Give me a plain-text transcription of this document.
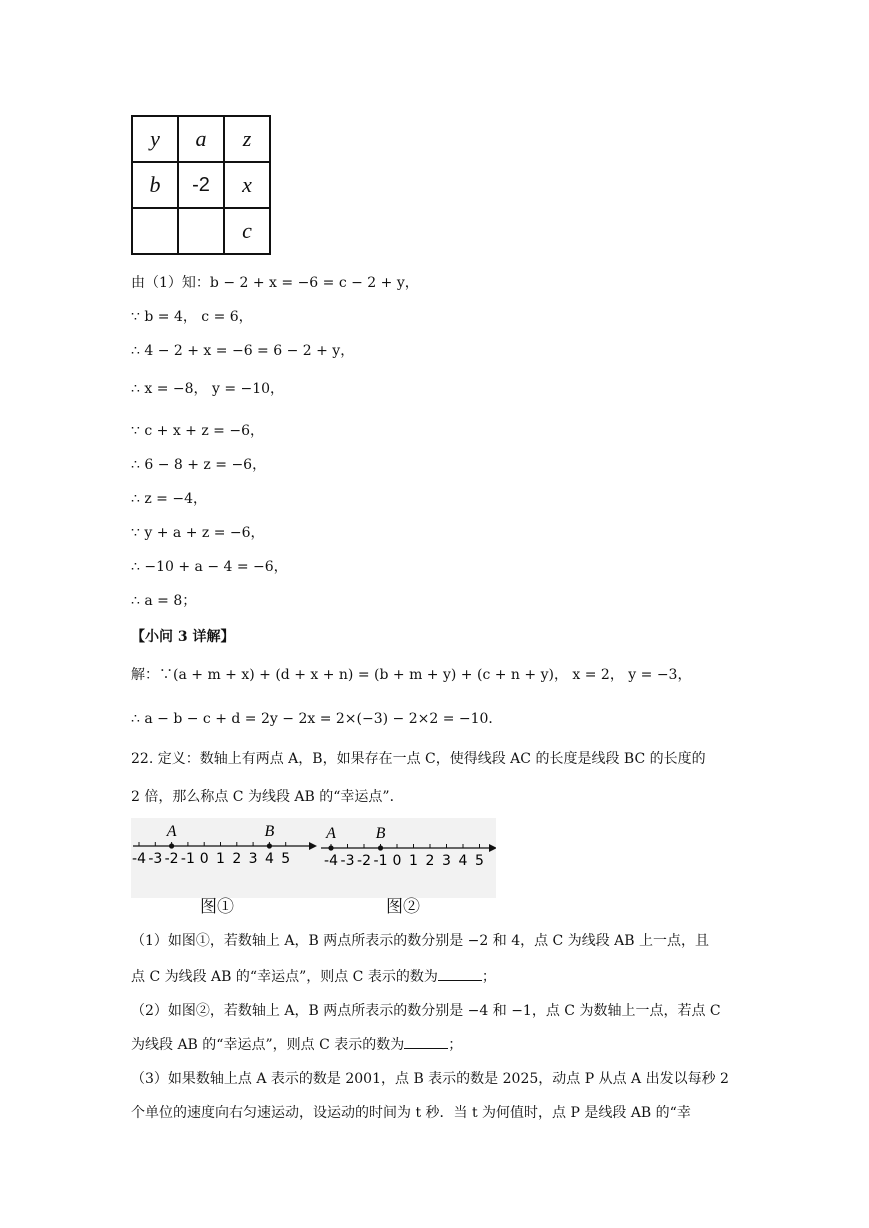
y	a	z
b	-2	x
		c
由（1）知：b − 2 + x = −6 = c − 2 + y，
∵ b = 4， c = 6，
∴ 4 − 2 + x = −6 = 6 − 2 + y，
∴ x = −8， y = −10，
∵ c + x + z = −6，
∴ 6 − 8 + z = −6，
∴ z = −4，
∵ y + a + z = −6，
∴ −10 + a − 4 = −6，
∴ a = 8；
【小问 3 详解】
解：∵(a + m + x) + (d + x + n) = (b + m + y) + (c + n + y)， x = 2， y = −3，
∴ a − b − c + d = 2y − 2x = 2×(−3) − 2×2 = −10．
22. 定义：数轴上有两点 A，B，如果存在一点 C，使得线段 AC 的长度是线段 BC 的长度的
2 倍，那么称点 C 为线段 AB 的“幸运点”．
-4 -3 -2 -1 0 1 2 3 4 5
A	B
-4 -3 -2 -1 0 1 2 3 4 5
A B
图①	图②
（1）如图①，若数轴上 A，B 两点所表示的数分别是 −2 和 4，点 C 为线段 AB 上一点，且
点 C 为线段 AB 的“幸运点”，则点 C 表示的数为	；
（2）如图②，若数轴上 A，B 两点所表示的数分别是 −4 和 −1，点 C 为数轴上一点，若点 C
为线段 AB 的“幸运点”，则点 C 表示的数为	；
（3）如果数轴上点 A 表示的数是 2001，点 B 表示的数是 2025，动点 P 从点 A 出发以每秒 2
个单位的速度向右匀速运动，设运动的时间为 t 秒．当 t 为何值时，点 P 是线段 AB 的“幸
